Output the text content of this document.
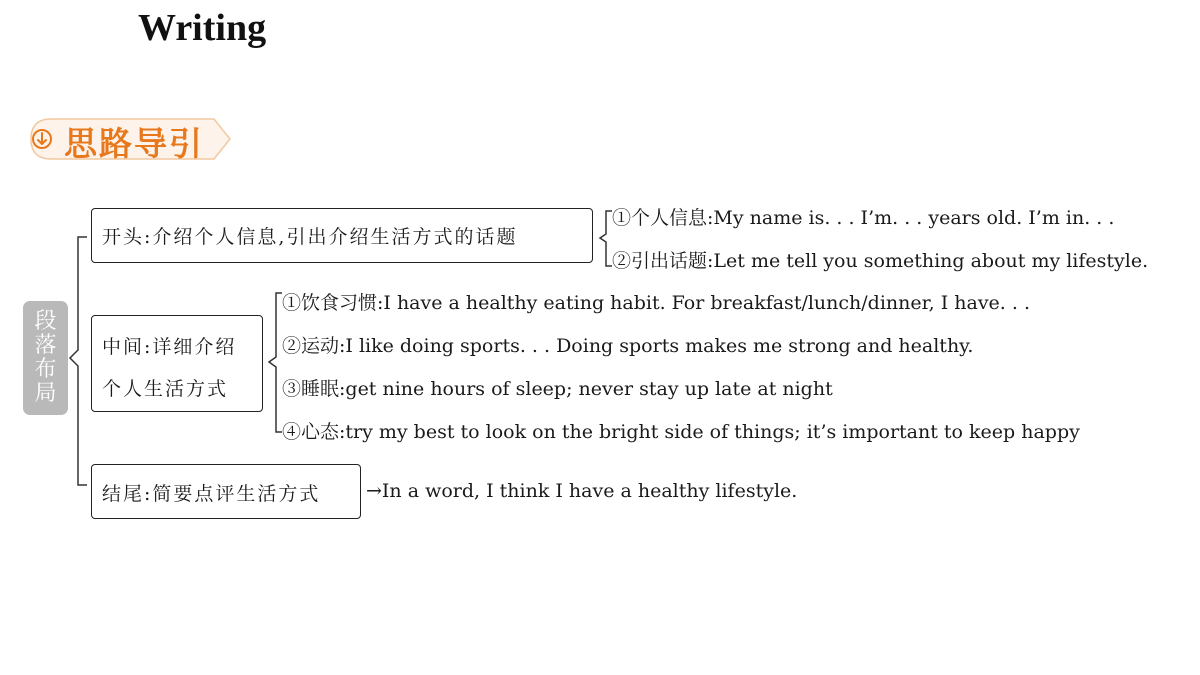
Writing
思路导引
段
落
布
局
开头:介绍个人信息,引出介绍生活方式的话题
①个人信息:My name is. . . I’m. . . years old. I’m in. . .
②引出话题:Let me tell you something about my lifestyle.
中间:详细介绍
个人生活方式
①饮食习惯:I have a healthy eating habit. For breakfast/lunch/dinner, I have. . .
②运动:I like doing sports. . . Doing sports makes me strong and healthy.
③睡眠:get nine hours of sleep; never stay up late at night
④心态:try my best to look on the bright side of things; it’s important to keep happy
结尾:简要点评生活方式	→In a word, I think I have a healthy lifestyle.
